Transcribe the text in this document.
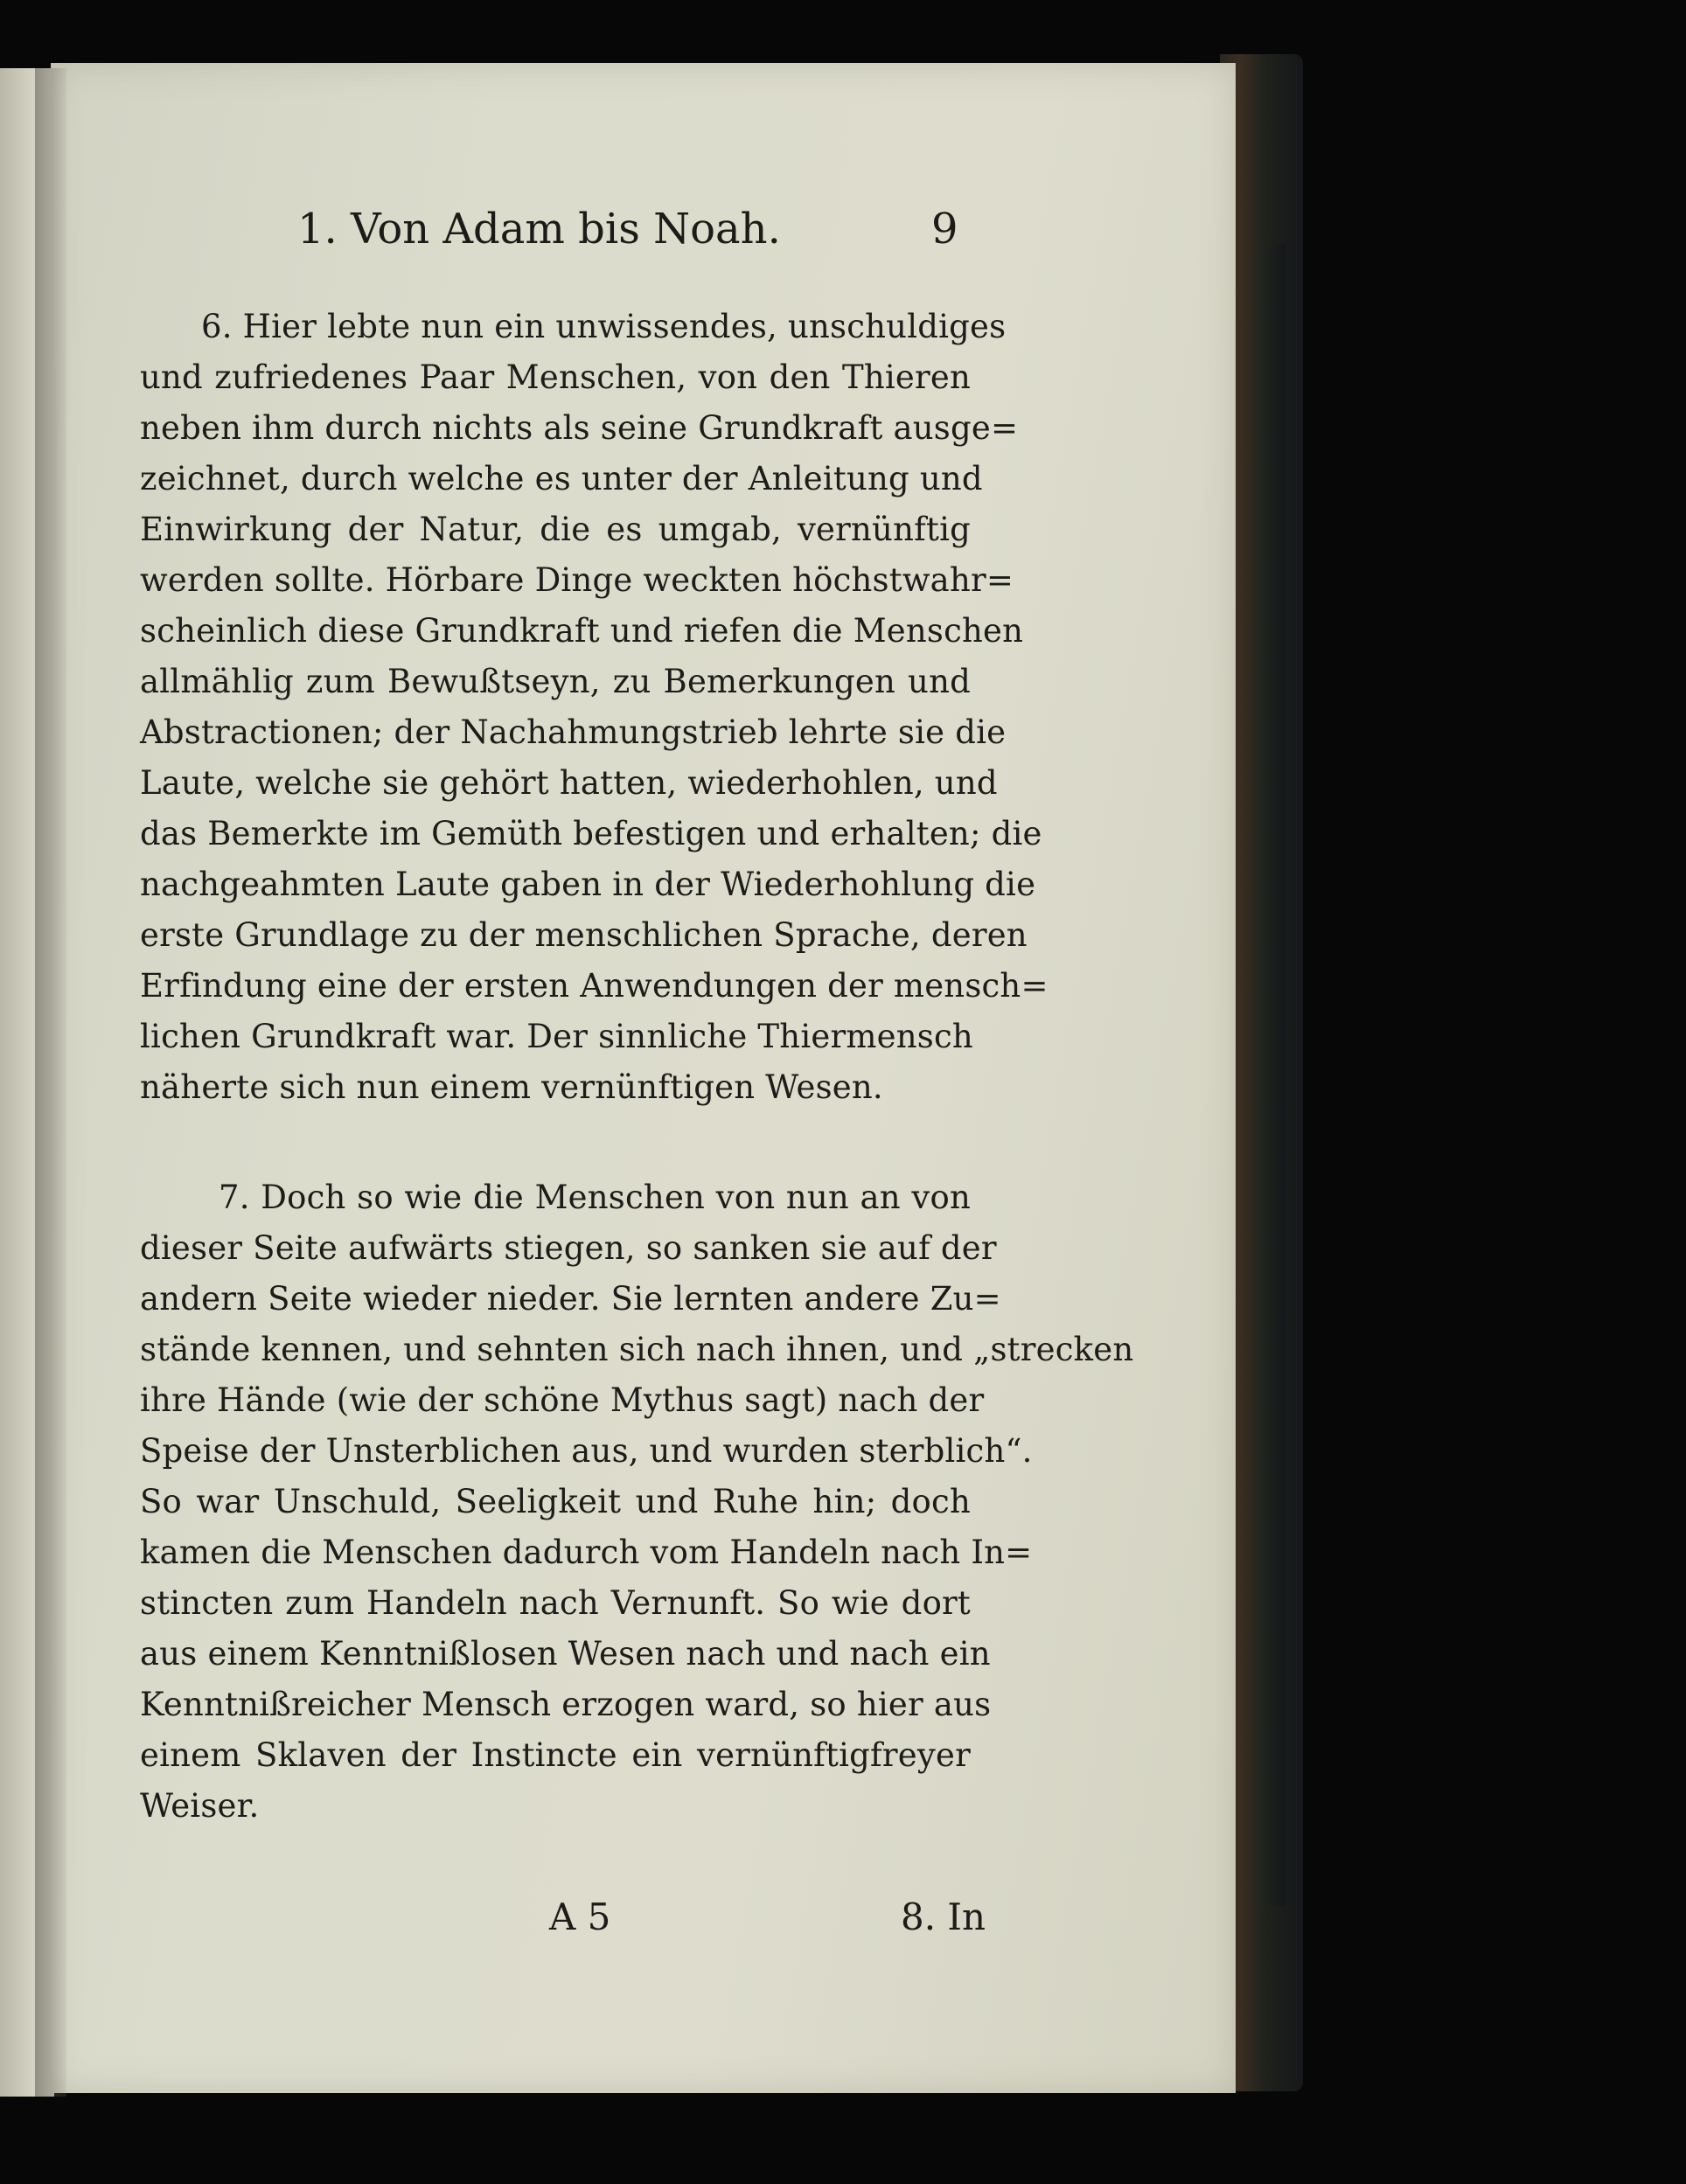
1. Von Adam bis Noah.	9
6. Hier lebte nun ein unwissendes, unschuldiges
und zufriedenes Paar Menschen, von den Thieren
neben ihm durch nichts als seine Grundkraft ausge=
zeichnet, durch welche es unter der Anleitung und
Einwirkung der Natur, die es umgab, vernünftig
werden sollte. Hörbare Dinge weckten höchstwahr=
scheinlich diese Grundkraft und riefen die Menschen
allmählig zum Bewußtseyn, zu Bemerkungen und
Abstractionen; der Nachahmungstrieb lehrte sie die
Laute, welche sie gehört hatten, wiederhohlen, und
das Bemerkte im Gemüth befestigen und erhalten; die
nachgeahmten Laute gaben in der Wiederhohlung die
erste Grundlage zu der menschlichen Sprache, deren
Erfindung eine der ersten Anwendungen der mensch=
lichen Grundkraft war. Der sinnliche Thiermensch
näherte sich nun einem vernünftigen Wesen.
7. Doch so wie die Menschen von nun an von
dieser Seite aufwärts stiegen, so sanken sie auf der
andern Seite wieder nieder. Sie lernten andere Zu=
stände kennen, und sehnten sich nach ihnen, und „strecken
ihre Hände (wie der schöne Mythus sagt) nach der
Speise der Unsterblichen aus, und wurden sterblich“.
So war Unschuld, Seeligkeit und Ruhe hin; doch
kamen die Menschen dadurch vom Handeln nach In=
stincten zum Handeln nach Vernunft. So wie dort
aus einem Kenntnißlosen Wesen nach und nach ein
Kenntnißreicher Mensch erzogen ward, so hier aus
einem Sklaven der Instincte ein vernünftigfreyer
Weiser.
A 5	8. In
